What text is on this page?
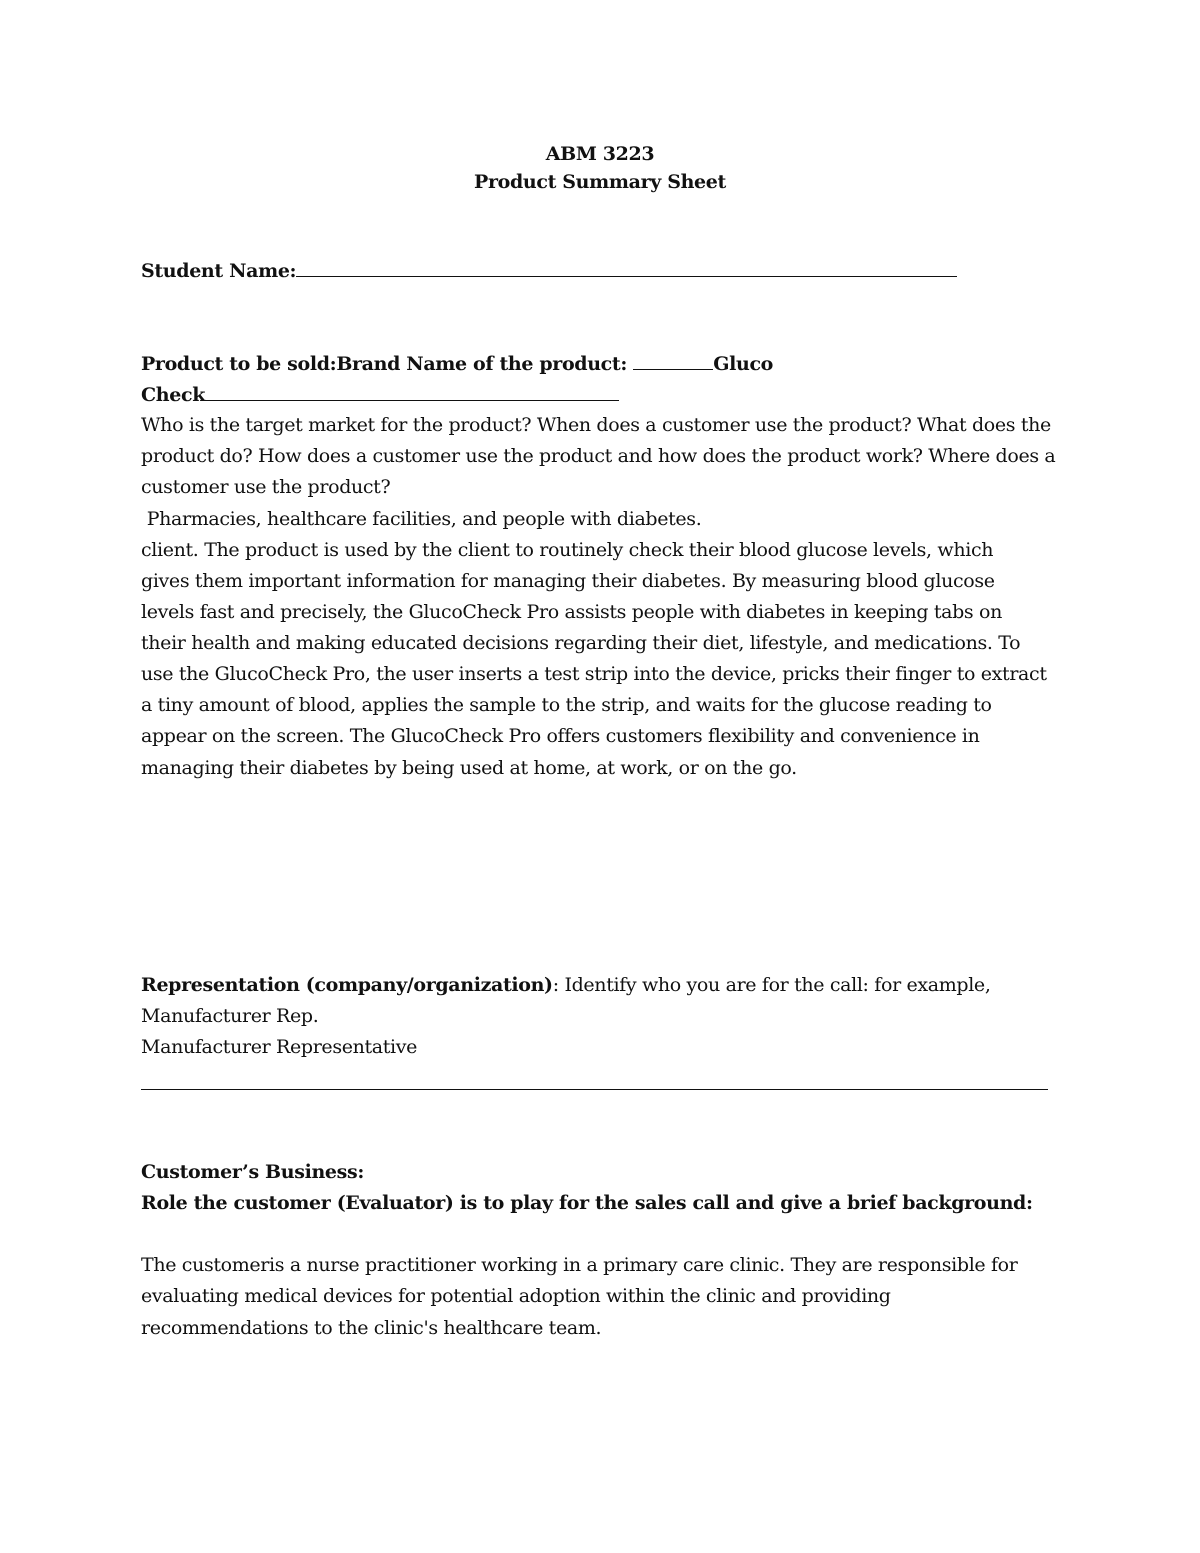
ABM 3223
Product Summary Sheet
Student Name:
Product to be sold:Brand Name of the product:	Gluco
Check
Who is the target market for the product? When does a customer use the product? What does the
product do? How does a customer use the product and how does the product work? Where does a
customer use the product?
Pharmacies, healthcare facilities, and people with diabetes.
client. The product is used by the client to routinely check their blood glucose levels, which
gives them important information for managing their diabetes. By measuring blood glucose
levels fast and precisely, the GlucoCheck Pro assists people with diabetes in keeping tabs on
their health and making educated decisions regarding their diet, lifestyle, and medications. To
use the GlucoCheck Pro, the user inserts a test strip into the device, pricks their finger to extract
a tiny amount of blood, applies the sample to the strip, and waits for the glucose reading to
appear on the screen. The GlucoCheck Pro offers customers flexibility and convenience in
managing their diabetes by being used at home, at work, or on the go.
Representation (company/organization): Identify who you are for the call: for example,
Manufacturer Rep.
Manufacturer Representative
Customer’s Business:
Role the customer (Evaluator) is to play for the sales call and give a brief background:
The customeris a nurse practitioner working in a primary care clinic. They are responsible for
evaluating medical devices for potential adoption within the clinic and providing
recommendations to the clinic's healthcare team.
